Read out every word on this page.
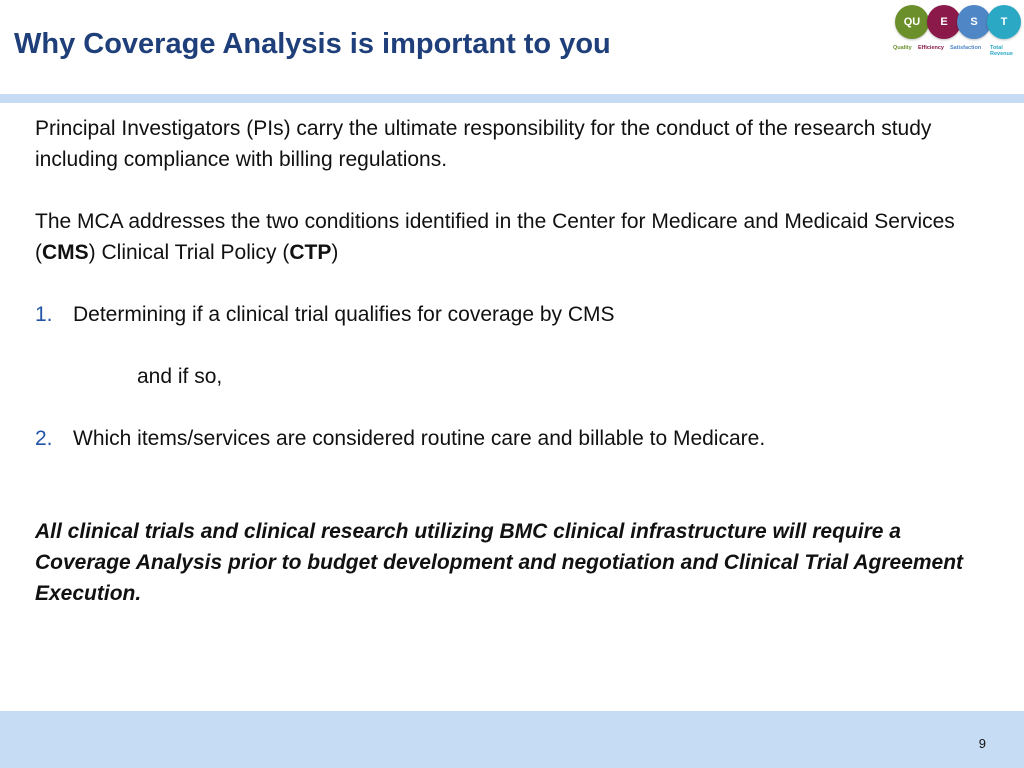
Why Coverage Analysis is important to you
QU	E	S	T
Quality Efficiency Satisfaction Total
Revenue

Principal Investigators (PIs) carry the ultimate responsibility for the conduct of the research study including compliance with billing regulations.

The MCA addresses the two conditions identified in the Center for Medicare and Medicaid Services (CMS) Clinical Trial Policy (CTP)

1. Determining if a clinical trial qualifies for coverage by CMS

and if so,

2. Which items/services are considered routine care and billable to Medicare.

All clinical trials and clinical research utilizing BMC clinical infrastructure will require a Coverage Analysis prior to budget development and negotiation and Clinical Trial Agreement Execution.

9
